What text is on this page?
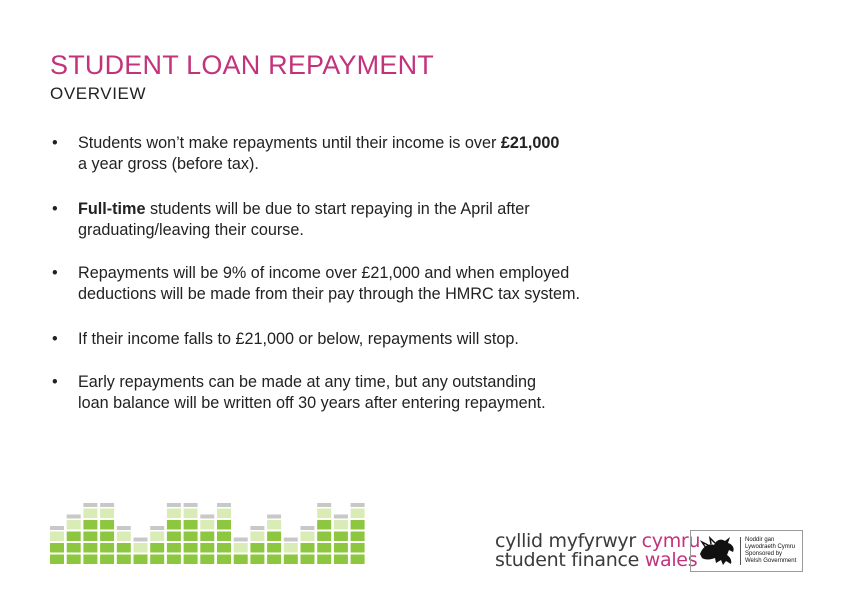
STUDENT LOAN REPAYMENT
OVERVIEW
• Students won’t make repayments until their income is over £21,000
a year gross (before tax).
• Full-time students will be due to start repaying in the April after
graduating/leaving their course.
• Repayments will be 9% of income over £21,000 and when employed
deductions will be made from their pay through the HMRC tax system.
• If their income falls to £21,000 or below, repayments will stop.
• Early repayments can be made at any time, but any outstanding
loan balance will be written off 30 years after entering repayment.
cyllid myfyrwyr cymru
student finance wales
Noddir gan
Lywodraeth Cymru
Sponsored by
Welsh Government
